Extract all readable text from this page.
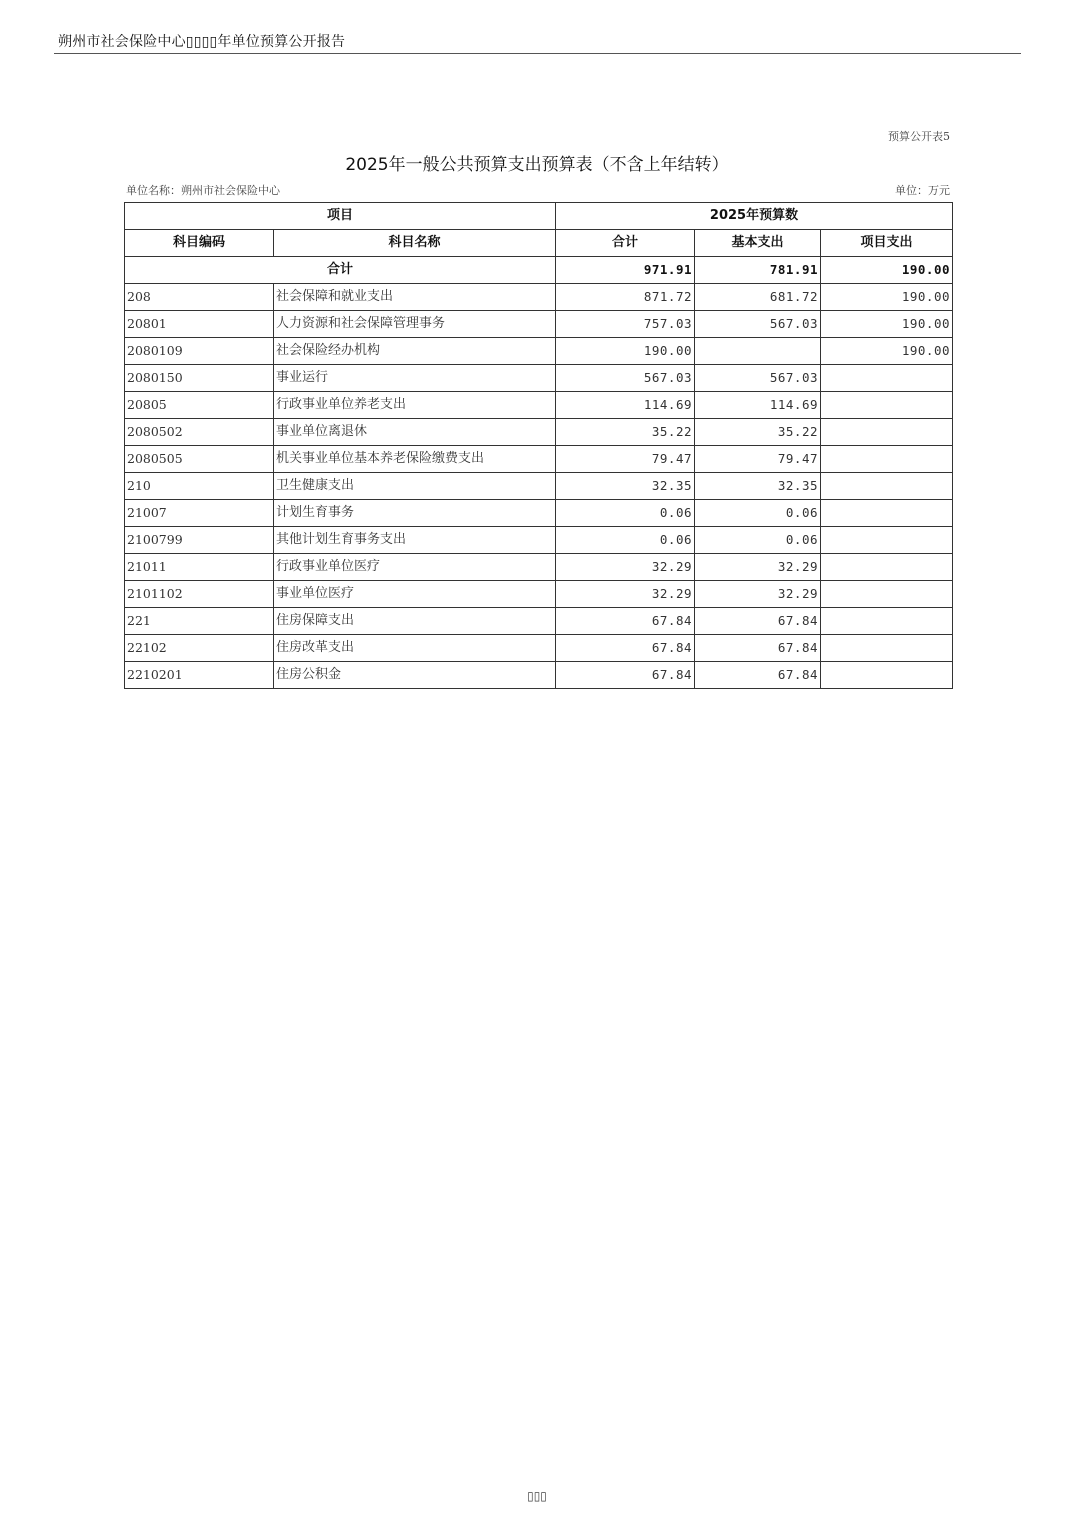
朔州市社会保险中心▯▯▯▯年单位预算公开报告
预算公开表5
2025年一般公共预算支出预算表（不含上年结转）
单位名称：朔州市社会保险中心	单位：万元
项目		2025年预算数		
科目编码	科目名称	合计	基本支出	项目支出
合计		971.91	781.91	190.00
208	社会保障和就业支出	871.72	681.72	190.00
20801	人力资源和社会保障管理事务	757.03	567.03	190.00
2080109	社会保险经办机构	190.00		190.00
2080150	事业运行	567.03	567.03	
20805	行政事业单位养老支出	114.69	114.69	
2080502	事业单位离退休	35.22	35.22	
2080505	机关事业单位基本养老保险缴费支出	79.47	79.47	
210	卫生健康支出	32.35	32.35	
21007	计划生育事务	0.06	0.06	
2100799	其他计划生育事务支出	0.06	0.06	
21011	行政事业单位医疗	32.29	32.29	
2101102	事业单位医疗	32.29	32.29	
221	住房保障支出	67.84	67.84	
22102	住房改革支出	67.84	67.84	
2210201	住房公积金	67.84	67.84	
▯▯▯
